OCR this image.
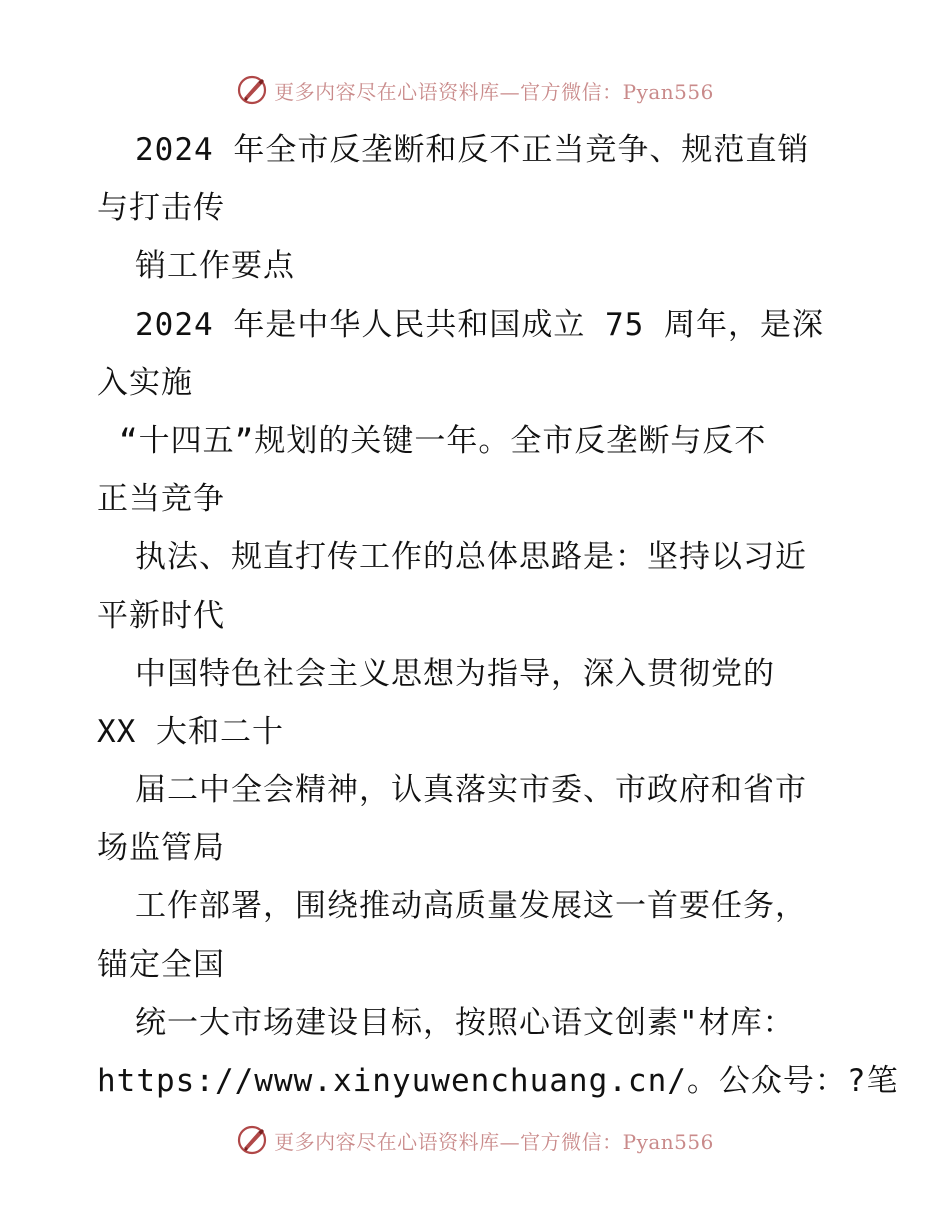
更多内容尽在心语资料库—官方微信：Pyan556
2024 年全市反垄断和反不正当竞争、规范直销
与打击传
销工作要点
2024 年是中华人民共和国成立 75 周年，是深
入实施
“十四五”规划的关键一年。全市反垄断与反不
正当竞争
执法、规直打传工作的总体思路是：坚持以习近
平新时代
中国特色社会主义思想为指导，深入贯彻党的
XX 大和二十
届二中全会精神，认真落实市委、市政府和省市
场监管局
工作部署，围绕推动高质量发展这一首要任务，
锚定全国
统一大市场建设目标，按照心语文创素"材库：
https://www.xinyuwenchuang.cn/。公众号：?笔
更多内容尽在心语资料库—官方微信：Pyan556
